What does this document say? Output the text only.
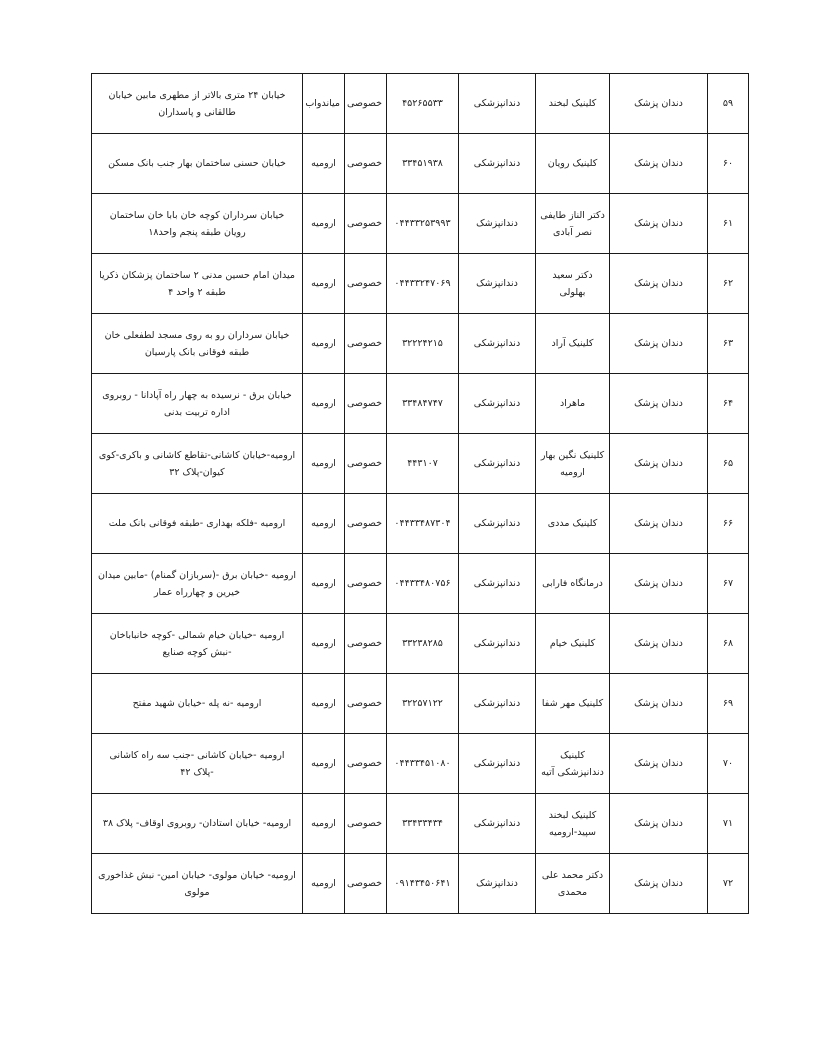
۵۹	دندان پزشک	کلینیک لبخند	دندانپزشکی	۴۵۲۶۵۵۳۳	خصوصی	میاندواب	خیابان ۲۴ متری بالاتر از مطهری مابین خیابان طالقانی و پاسداران
۶۰	دندان پزشک	کلینیک رویان	دندانپزشکی	۳۳۴۵۱۹۳۸	خصوصی	ارومیه	خیابان حسنی ساختمان بهار جنب بانک مسکن
۶۱	دندان پزشک	دکتر الناز طایفی نصر آبادی	دندانپزشک	۰۴۴۳۳۲۵۳۹۹۳	خصوصی	ارومیه	خیابان سرداران کوچه خان بابا خان ساختمان رویان طبقه پنجم واحد۱۸
۶۲	دندان پزشک	دکتر سعید بهلولی	دندانپزشک	۰۴۴۳۳۲۴۷۰۶۹	خصوصی	ارومیه	میدان امام حسین مدنی ۲ ساختمان پزشکان ذکریا طبقه ۲ واحد ۴
۶۳	دندان پزشک	کلینیک آراد	دندانپزشکی	۳۲۲۲۴۲۱۵	خصوصی	ارومیه	خیابان سرداران رو به روی مسجد لطفعلی خان طبقه فوقانی بانک پارسیان
۶۴	دندان پزشک	ماهراد	دندانپزشکی	۳۳۴۸۴۷۴۷	خصوصی	ارومیه	خیابان برق - نرسیده به چهار راه آپادانا - روبروی اداره تربیت بدنی
۶۵	دندان پزشک	کلینیک نگین بهار ارومیه	دندانپزشکی	۴۴۳۱۰۷	خصوصی	ارومیه	ارومیه-خیابان کاشانی-تقاطع کاشانی و باکری-کوی کیوان-پلاک ۳۲
۶۶	دندان پزشک	کلینیک مددی	دندانپزشکی	۰۴۴۳۳۴۸۷۳۰۴	خصوصی	ارومیه	ارومیه -فلکه بهداری -طبقه فوقانی بانک ملت
۶۷	دندان پزشک	درمانگاه فارابی	دندانپزشکی	۰۴۴۳۳۴۸۰۷۵۶	خصوصی	ارومیه	ارومیه -خیابان برق -(سربازان گمنام) -مابین میدان خیرین و چهارراه عمار
۶۸	دندان پزشک	کلینیک خیام	دندانپزشکی	۳۳۲۳۸۲۸۵	خصوصی	ارومیه	ارومیه -خیابان خیام شمالی -کوچه خانباباخان -نبش کوچه صنایع
۶۹	دندان پزشک	کلینیک مهر شفا	دندانپزشکی	۳۲۲۵۷۱۲۲	خصوصی	ارومیه	ارومیه -نه پله -خیابان شهید مفتح
۷۰	دندان پزشک	کلینیک دندانپزشکی آتیه	دندانپزشکی	۰۴۴۳۳۴۵۱۰۸۰	خصوصی	ارومیه	ارومیه -خیابان کاشانی -جنب سه راه کاشانی -پلاک ۴۲
۷۱	دندان پزشک	کلینیک لبخند سپید-ارومیه	دندانپزشکی	۳۳۴۳۳۴۳۴	خصوصی	ارومیه	ارومیه- خیابان استادان- روبروی اوقاف- پلاک ۳۸
۷۲	دندان پزشک	دکتر محمد علی محمدی	دندانپزشک	۰۹۱۴۳۴۵۰۶۴۱	خصوصی	ارومیه	ارومیه- خیابان مولوی- خیابان امین- نبش غذاخوری مولوی
